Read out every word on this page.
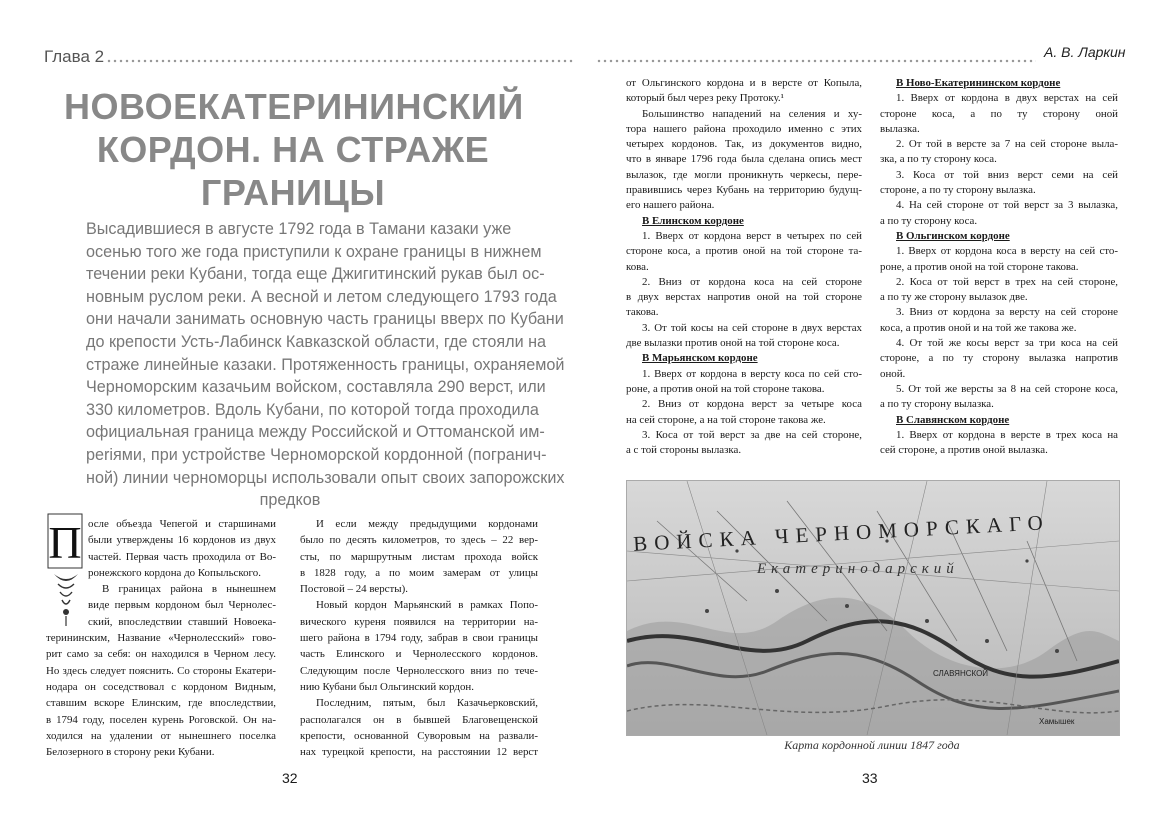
Глава 2	А. В. Ларкин
НОВОЕКАТЕРИНИНСКИЙ
КОРДОН. НА СТРАЖЕ
ГРАНИЦЫ
Высадившиеся в августе 1792 года в Тамани казаки уже
осенью того же года приступили к охране границы в нижнем
течении реки Кубани, тогда еще Джигитинский рукав был ос-
новным руслом реки. А весной и летом следующего 1793 года
они начали занимать основную часть границы вверх по Кубани
до крепости Усть-Лабинск Кавказской области, где стояли на
страже линейные казаки. Протяженность границы, охраняемой
Черноморским казачьим войском, составляла 290 верст, или
330 километров. Вдоль Кубани, по которой тогда проходила
официальная граница между Российской и Оттоманской им-
periями, при устройстве Черноморской кордонной (погранич-
ной) линии черноморцы использовали опыт своих запорожских
предков
П осле объезда Чепегой и старшинами
были утверждены 16 кордонов из двух
частей. Первая часть проходила от Во-
ронежского кордона до Копыльского.
В границах района в нынешнем
виде первым кордоном был Чернолес-
ский, впоследствии ставший Новоека-
терининским, Название «Чернолесский» гово-
рит само за себя: он находился в Черном лесу.
Но здесь следует пояснить. Со стороны Екатери-
нодара он соседствовал с кордоном Видным,
ставшим вскоре Елинским, где впоследствии,
в 1794 году, поселен курень Роговской. Он на-
ходился на удалении от нынешнего поселка
Белозерного в сторону реки Кубани.
И если между предыдущими кордонами
было по десять километров, то здесь – 22 вер-
сты, по маршрутным листам прохода войск
в 1828 году, а по моим замерам от улицы
Постовой – 24 версты).
Новый кордон Марьянский в рамках Попо-
вического куреня появился на территории на-
шего района в 1794 году, забрав в свои границы
часть Елинского и Чернолесского кордонов.
Следующим после Чернолесского вниз по тече-
нию Кубани был Ольгинский кордон.
Последним, пятым, был Казачьерковский,
располагался он в бывшей Благовещенской
крепости, основанной Суворовым на развали-
нах турецкой крепости, на расстоянии 12 верст
от Ольгинского кордона и в версте от Копыла,
который был через реку Протоку.¹
Большинство нападений на селения и ху-
тора нашего района проходило именно с этих
четырех кордонов. Так, из документов видно,
что в январе 1796 года была сделана опись мест
вылазок, где могли проникнуть черкесы, пере-
правившись через Кубань на территорию будущ-
его нашего района.
В Елинском кордоне
1. Вверх от кордона верст в четырех по сей
стороне коса, а против оной на той стороне та-
кова.
2. Вниз от кордона коса на сей стороне
в двух верстах напротив оной на той стороне
такова.
3. От той косы на сей стороне в двух верстах
две вылазки против оной на той стороне коса.
В Марьянском кордоне
1. Вверх от кордона в версту коса по сей сто-
роне, а против оной на той стороне такова.
2. Вниз от кордона верст за четыре коса
на сей стороне, а на той стороне такова же.
3. Коса от той верст за две на сей стороне,
а с той стороны вылазка.
В Ново-Екатерининском кордоне
1. Вверх от кордона в двух верстах на сей
стороне коса, а по ту сторону оной
вылазка.
2. От той в версте за 7 на сей стороне выла-
зка, а по ту сторону коса.
3. Коса от той вниз верст семи на сей
стороне, а по ту сторону вылазка.
4. На сей стороне от той верст за 3 вылазка,
а по ту сторону коса.
В Ольгинском кордоне
1. Вверх от кордона коса в версту на сей сто-
роне, а против оной на той стороне такова.
2. Коса от той верст в трех на сей стороне,
а по ту же сторону вылазок две.
3. Вниз от кордона за версту на сей стороне
коса, а против оной и на той же такова же.
4. От той же косы верст за три коса на сей
стороне, а по ту сторону вылазка напротив
оной.
5. От той же версты за 8 на сей стороне коса,
а по ту сторону вылазка.
В Славянском кордоне
1. Вверх от кордона в версте в трех коса на
сей стороне, а против оной вылазка.
ВОЙСКА ЧЕРНОМОРСКАГО
Екатеринодарский
СЛАВЯНСКОЙ
Хамышек
Карта кордонной линии 1847 года
32	33
